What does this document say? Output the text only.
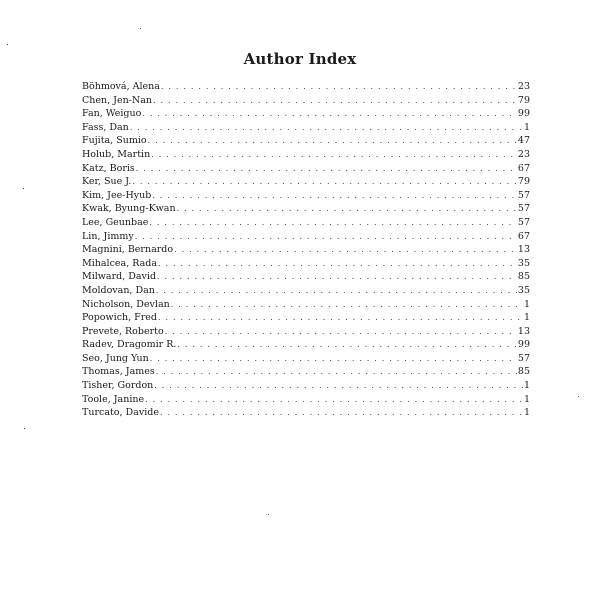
Author Index
Böhmová, Alena . . .	23
Chen, Jen-Nan . . .	79
Fan, Weiguo . . .	99
Fass, Dan . . .	1
Fujita, Sumio . . .	47
Holub, Martin . . .	23
Katz, Boris . . .	67
Ker, Sue J. . . .	79
Kim, Jee-Hyub . . .	57
Kwak, Byung-Kwan . . .	57
Lee, Geunbae . . .	57
Lin, Jimmy . . .	67
Magnini, Bernardo . . .	13
Mihalcea, Rada . . .	35
Milward, David . . .	85
Moldovan, Dan . . .	35
Nicholson, Devlan . . .	1
Popowich, Fred . . .	1
Prevete, Roberto . . .	13
Radev, Dragomir R. . . .	99
Seo, Jung Yun . . .	57
Thomas, James . . .	85
Tisher, Gordon . . .	1
Toole, Janine . . .	1
Turcato, Davide . . .	1
